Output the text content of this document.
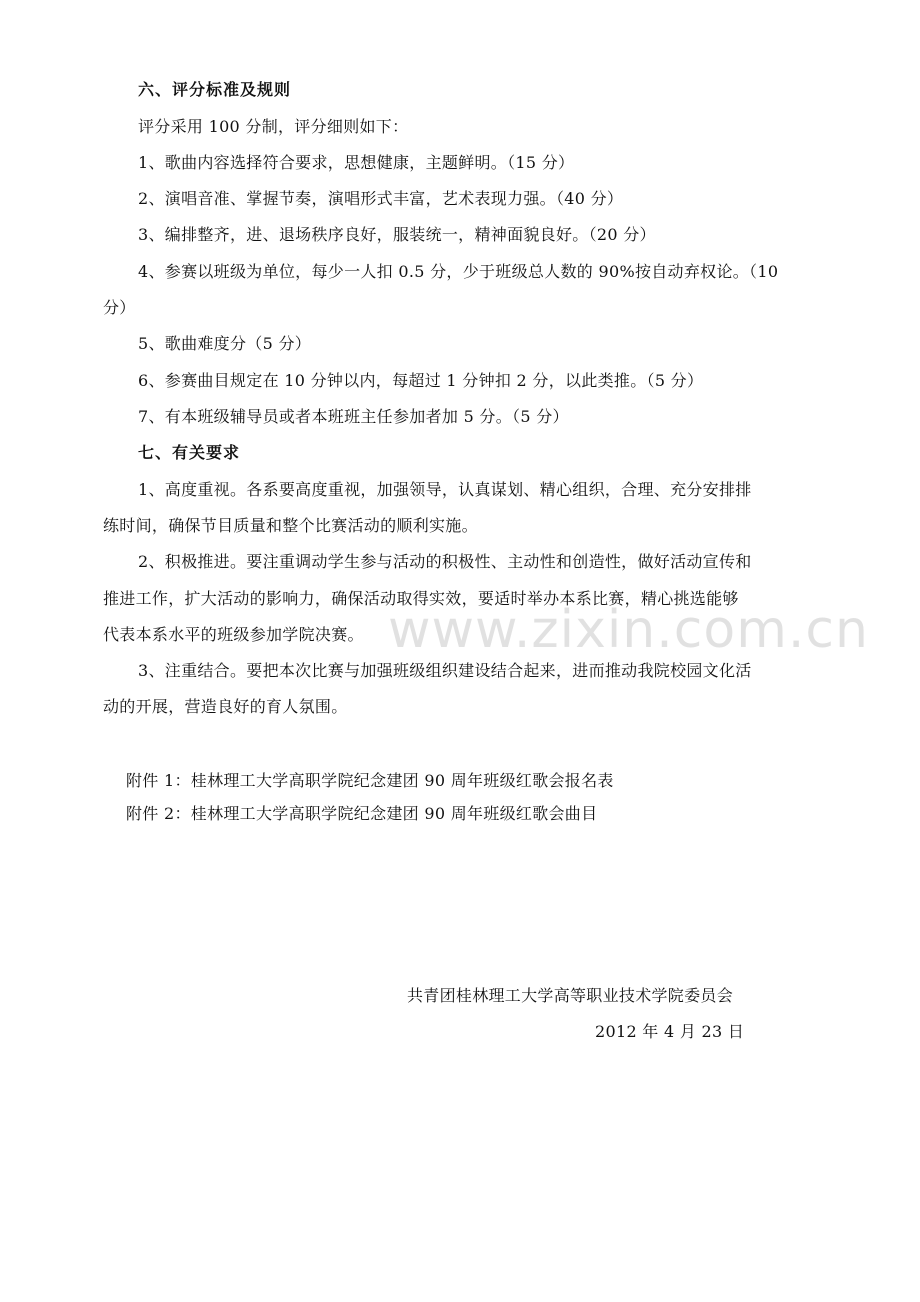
六、评分标准及规则
评分采用 100 分制，评分细则如下：
1、歌曲内容选择符合要求，思想健康，主题鲜明。（15 分）
2、演唱音准、掌握节奏，演唱形式丰富，艺术表现力强。（40 分）
3、编排整齐，进、退场秩序良好，服装统一，精神面貌良好。（20 分）
4、参赛以班级为单位，每少一人扣 0.5 分，少于班级总人数的 90%按自动弃权论。（10
分）
5、歌曲难度分（5 分）
6、参赛曲目规定在 10 分钟以内，每超过 1 分钟扣 2 分，以此类推。（5 分）
7、有本班级辅导员或者本班班主任参加者加 5 分。（5 分）
七、有关要求
1、高度重视。各系要高度重视，加强领导，认真谋划、精心组织，合理、充分安排排
练时间，确保节目质量和整个比赛活动的顺利实施。
2、积极推进。要注重调动学生参与活动的积极性、主动性和创造性，做好活动宣传和
推进工作，扩大活动的影响力，确保活动取得实效，要适时举办本系比赛，精心挑选能够
代表本系水平的班级参加学院决赛。
3、注重结合。要把本次比赛与加强班级组织建设结合起来，进而推动我院校园文化活
动的开展，营造良好的育人氛围。
附件 1：桂林理工大学高职学院纪念建团 90 周年班级红歌会报名表
附件 2：桂林理工大学高职学院纪念建团 90 周年班级红歌会曲目
共青团桂林理工大学高等职业技术学院委员会
2012 年 4 月 23 日
www.zixin.com.cn
